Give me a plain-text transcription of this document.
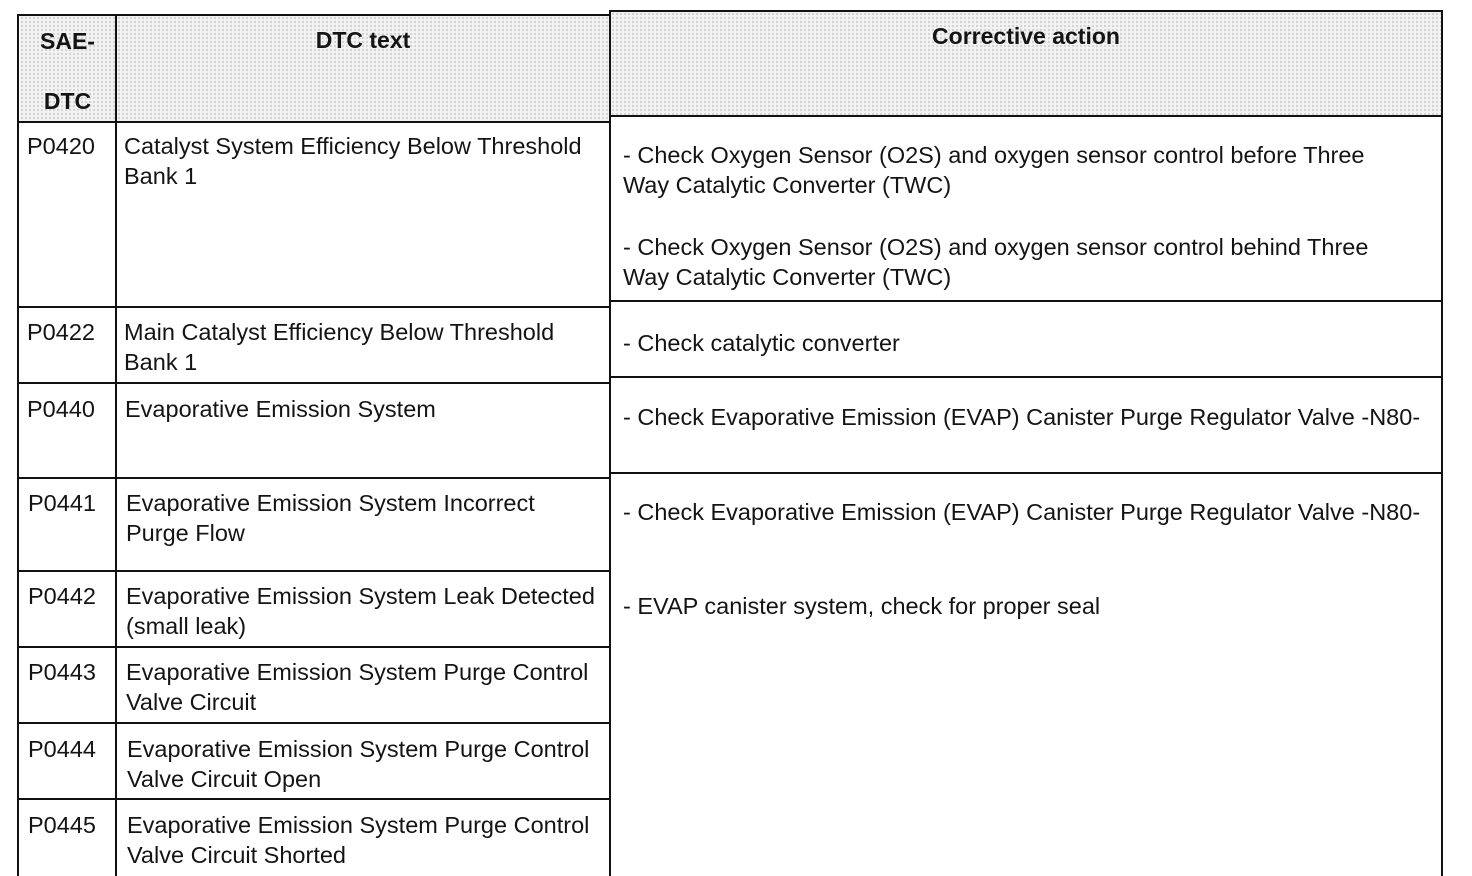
SAE-
DTC
DTC text	Corrective action
P0420 Catalyst System Efficiency Below Threshold Bank 1
P0422 Main Catalyst Efficiency Below Threshold Bank 1
P0440 Evaporative Emission System
P0441 Evaporative Emission System Incorrect Purge Flow
P0442 Evaporative Emission System Leak Detected (small leak)
P0443 Evaporative Emission System Purge Control Valve Circuit
P0444 Evaporative Emission System Purge Control Valve Circuit Open
P0445 Evaporative Emission System Purge Control Valve Circuit Shorted
- Check Oxygen Sensor (O2S) and oxygen sensor control before Three Way Catalytic Converter (TWC)
- Check Oxygen Sensor (O2S) and oxygen sensor control behind Three Way Catalytic Converter (TWC)
- Check catalytic converter
- Check Evaporative Emission (EVAP) Canister Purge Regulator Valve -N80-
- Check Evaporative Emission (EVAP) Canister Purge Regulator Valve -N80-
- EVAP canister system, check for proper seal
